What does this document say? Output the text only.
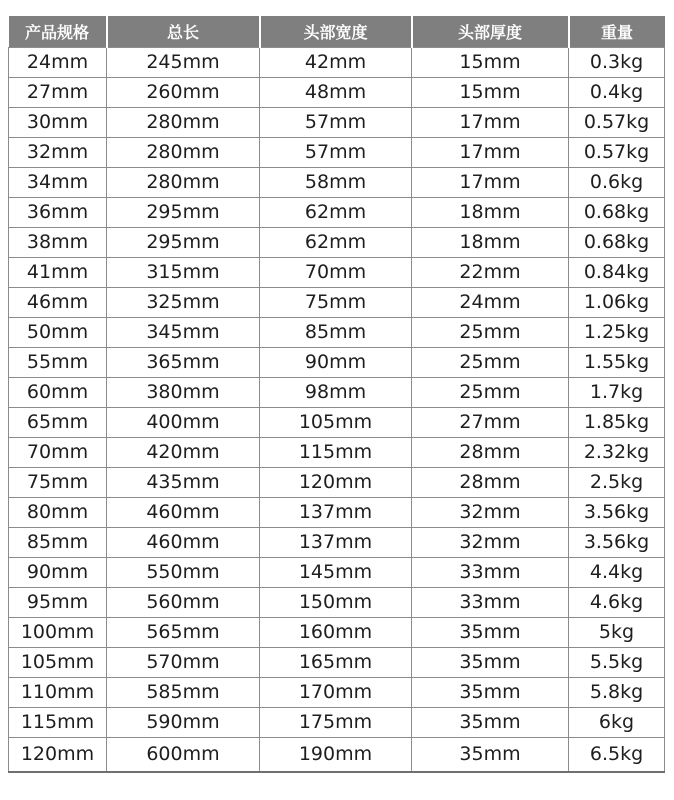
产品规格	总长	头部宽度	头部厚度	重量
24mm	245mm	42mm	15mm	0.3kg
27mm	260mm	48mm	15mm	0.4kg
30mm	280mm	57mm	17mm	0.57kg
32mm	280mm	57mm	17mm	0.57kg
34mm	280mm	58mm	17mm	0.6kg
36mm	295mm	62mm	18mm	0.68kg
38mm	295mm	62mm	18mm	0.68kg
41mm	315mm	70mm	22mm	0.84kg
46mm	325mm	75mm	24mm	1.06kg
50mm	345mm	85mm	25mm	1.25kg
55mm	365mm	90mm	25mm	1.55kg
60mm	380mm	98mm	25mm	1.7kg
65mm	400mm	105mm	27mm	1.85kg
70mm	420mm	115mm	28mm	2.32kg
75mm	435mm	120mm	28mm	2.5kg
80mm	460mm	137mm	32mm	3.56kg
85mm	460mm	137mm	32mm	3.56kg
90mm	550mm	145mm	33mm	4.4kg
95mm	560mm	150mm	33mm	4.6kg
100mm	565mm	160mm	35mm	5kg
105mm	570mm	165mm	35mm	5.5kg
110mm	585mm	170mm	35mm	5.8kg
115mm	590mm	175mm	35mm	6kg
120mm	600mm	190mm	35mm	6.5kg
